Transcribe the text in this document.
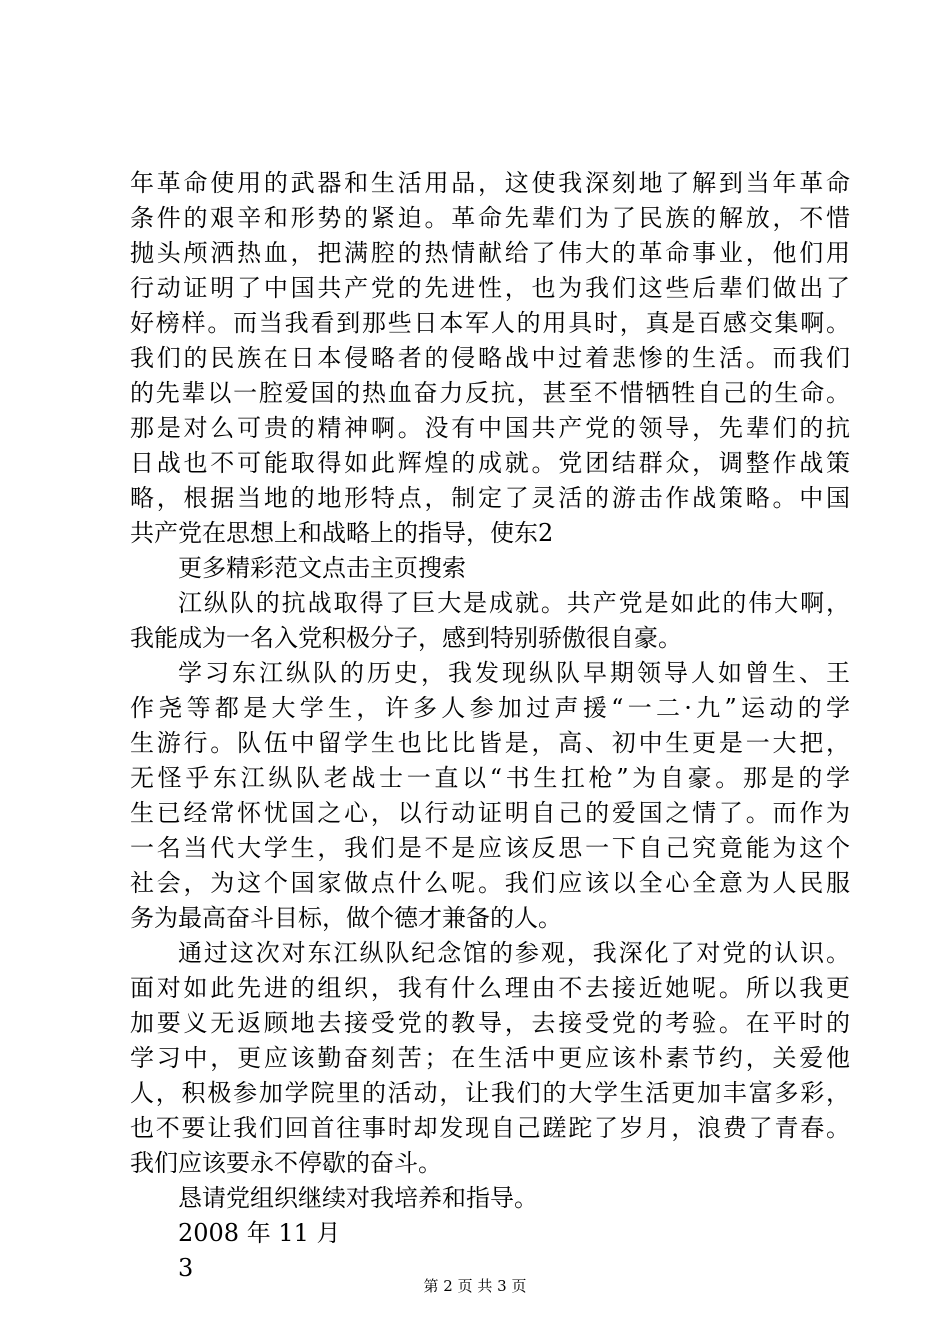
年革命使用的武器和生活用品，这使我深刻地了解到当年革命
条件的艰辛和形势的紧迫。革命先辈们为了民族的解放，不惜
抛头颅洒热血，把满腔的热情献给了伟大的革命事业，他们用
行动证明了中国共产党的先进性，也为我们这些后辈们做出了
好榜样。而当我看到那些日本军人的用具时，真是百感交集啊。
我们的民族在日本侵略者的侵略战中过着悲惨的生活。而我们
的先辈以一腔爱国的热血奋力反抗，甚至不惜牺牲自己的生命。
那是对么可贵的精神啊。没有中国共产党的领导，先辈们的抗
日战也不可能取得如此辉煌的成就。党团结群众，调整作战策
略，根据当地的地形特点，制定了灵活的游击作战策略。中国
共产党在思想上和战略上的指导，使东2
更多精彩范文点击主页搜索
江纵队的抗战取得了巨大是成就。共产党是如此的伟大啊，
我能成为一名入党积极分子，感到特别骄傲很自豪。
学习东江纵队的历史，我发现纵队早期领导人如曾生、王
作尧等都是大学生，许多人参加过声援“一二·九”运动的学
生游行。队伍中留学生也比比皆是，高、初中生更是一大把，
无怪乎东江纵队老战士一直以“书生扛枪”为自豪。那是的学
生已经常怀忧国之心，以行动证明自己的爱国之情了。而作为
一名当代大学生，我们是不是应该反思一下自己究竟能为这个
社会，为这个国家做点什么呢。我们应该以全心全意为人民服
务为最高奋斗目标，做个德才兼备的人。
通过这次对东江纵队纪念馆的参观，我深化了对党的认识。
面对如此先进的组织，我有什么理由不去接近她呢。所以我更
加要义无返顾地去接受党的教导，去接受党的考验。在平时的
学习中，更应该勤奋刻苦；在生活中更应该朴素节约，关爱他
人，积极参加学院里的活动，让我们的大学生活更加丰富多彩，
也不要让我们回首往事时却发现自己蹉跎了岁月，浪费了青春。
我们应该要永不停歇的奋斗。
恳请党组织继续对我培养和指导。
2008 年 11 月
3
第 2 页 共 3 页
